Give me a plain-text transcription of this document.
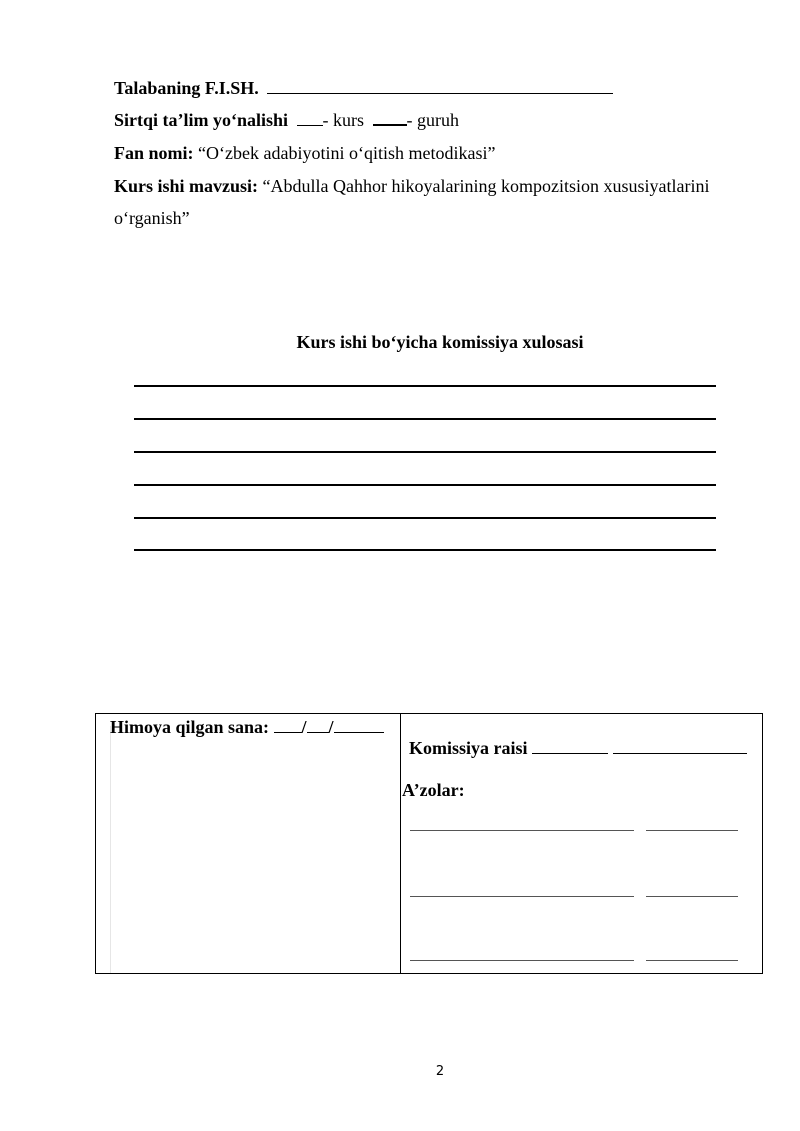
Talabaning F.I.SH.
Sirtqi ta’lim yo‘nalishi - kurs - guruh
Fan nomi: “O‘zbek adabiyotini o‘qitish metodikasi”
Kurs ishi mavzusi: “Abdulla Qahhor hikoyalarining kompozitsion xususiyatlarini
o‘rganish”
Kurs ishi bo‘yicha komissiya xulosasi
Himoya qilgan sana: / /
Komissiya raisi
A’zolar:
2
